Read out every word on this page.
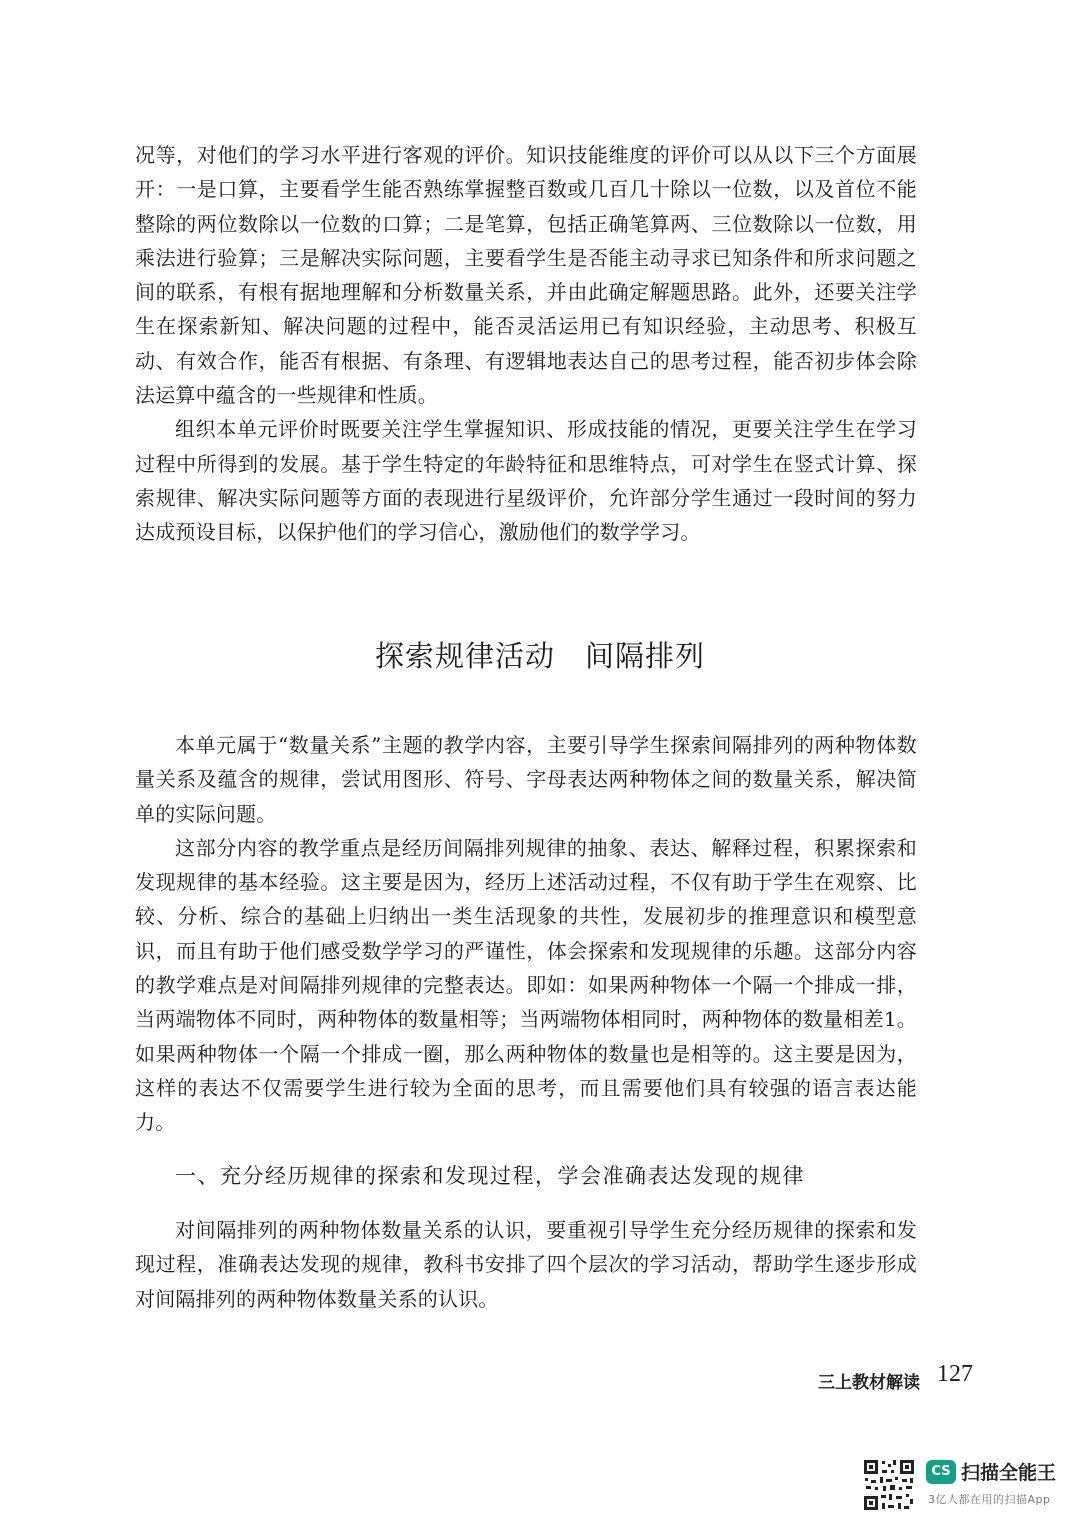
况等，对他们的学习水平进行客观的评价。知识技能维度的评价可以从以下三个方面展开：一是口算，主要看学生能否熟练掌握整百数或几百几十除以一位数，以及首位不能整除的两位数除以一位数的口算；二是笔算，包括正确笔算两、三位数除以一位数，用乘法进行验算；三是解决实际问题，主要看学生是否能主动寻求已知条件和所求问题之间的联系，有根有据地理解和分析数量关系，并由此确定解题思路。此外，还要关注学生在探索新知、解决问题的过程中，能否灵活运用已有知识经验，主动思考、积极互动、有效合作，能否有根据、有条理、有逻辑地表达自己的思考过程，能否初步体会除法运算中蕴含的一些规律和性质。

组织本单元评价时既要关注学生掌握知识、形成技能的情况，更要关注学生在学习过程中所得到的发展。基于学生特定的年龄特征和思维特点，可对学生在竖式计算、探索规律、解决实际问题等方面的表现进行星级评价，允许部分学生通过一段时间的努力达成预设目标，以保护他们的学习信心，激励他们的数学学习。

探索规律活动　间隔排列

本单元属于“数量关系”主题的教学内容，主要引导学生探索间隔排列的两种物体数量关系及蕴含的规律，尝试用图形、符号、字母表达两种物体之间的数量关系，解决简单的实际问题。

这部分内容的教学重点是经历间隔排列规律的抽象、表达、解释过程，积累探索和发现规律的基本经验。这主要是因为，经历上述活动过程，不仅有助于学生在观察、比较、分析、综合的基础上归纳出一类生活现象的共性，发展初步的推理意识和模型意识，而且有助于他们感受数学学习的严谨性，体会探索和发现规律的乐趣。这部分内容的教学难点是对间隔排列规律的完整表达。即如：如果两种物体一个隔一个排成一排，当两端物体不同时，两种物体的数量相等；当两端物体相同时，两种物体的数量相差1。如果两种物体一个隔一个排成一圈，那么两种物体的数量也是相等的。这主要是因为，这样的表达不仅需要学生进行较为全面的思考，而且需要他们具有较强的语言表达能力。

一、充分经历规律的探索和发现过程，学会准确表达发现的规律

对间隔排列的两种物体数量关系的认识，要重视引导学生充分经历规律的探索和发现过程，准确表达发现的规律，教科书安排了四个层次的学习活动，帮助学生逐步形成对间隔排列的两种物体数量关系的认识。

三上教材解读 127
CS 扫描全能王
3亿人都在用的扫描App
